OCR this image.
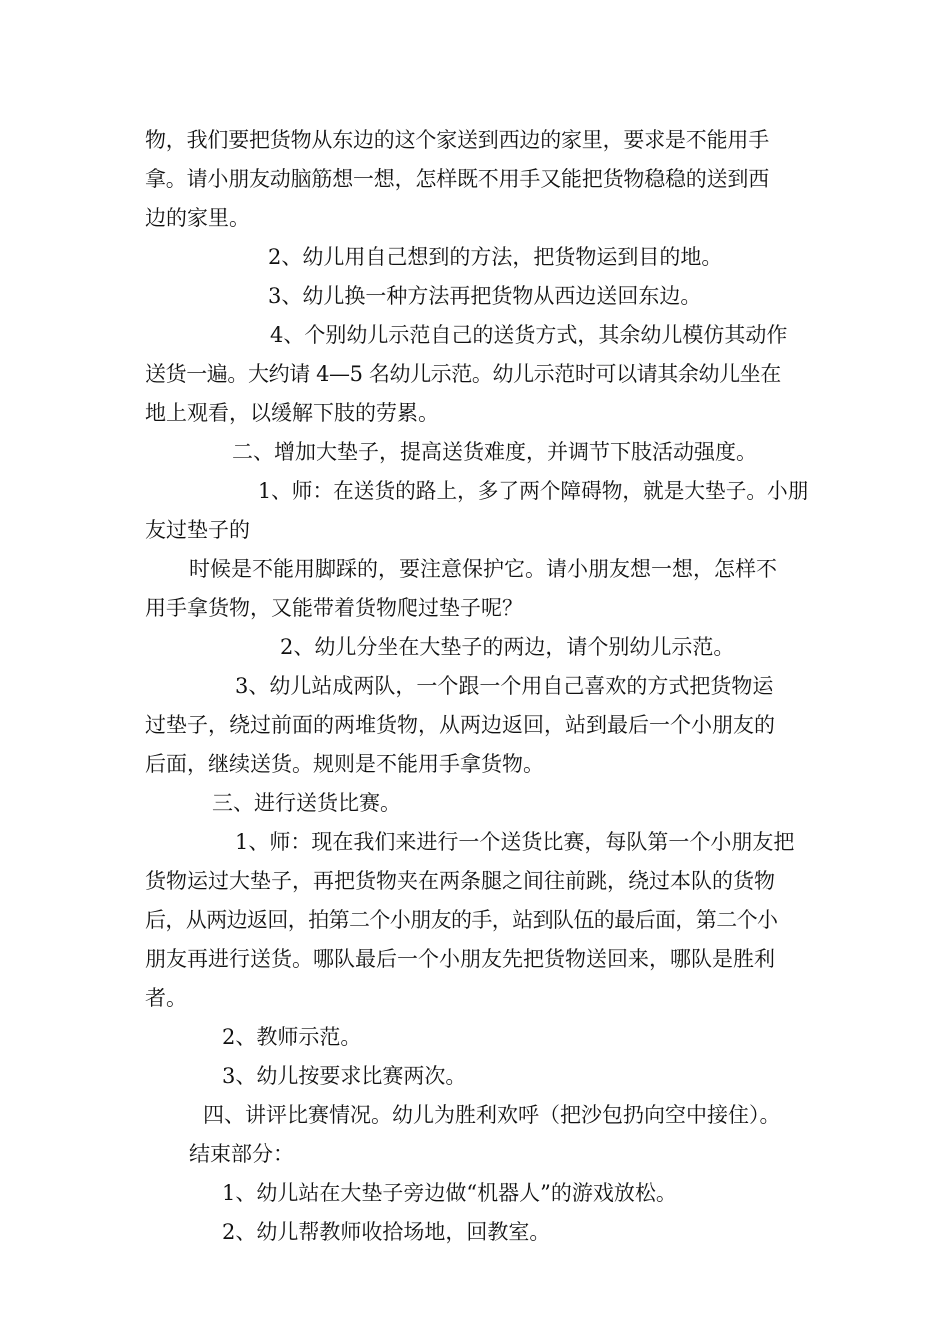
物，我们要把货物从东边的这个家送到西边的家里，要求是不能用手
拿。请小朋友动脑筋想一想，怎样既不用手又能把货物稳稳的送到西
边的家里。
2、幼儿用自己想到的方法，把货物运到目的地。
3、幼儿换一种方法再把货物从西边送回东边。
4、个别幼儿示范自己的送货方式，其余幼儿模仿其动作
送货一遍。大约请 4—5 名幼儿示范。幼儿示范时可以请其余幼儿坐在
地上观看，以缓解下肢的劳累。
二、增加大垫子，提高送货难度，并调节下肢活动强度。
1、师：在送货的路上，多了两个障碍物，就是大垫子。小朋
友过垫子的
时候是不能用脚踩的，要注意保护它。请小朋友想一想，怎样不
用手拿货物，又能带着货物爬过垫子呢？
2、幼儿分坐在大垫子的两边，请个别幼儿示范。
3、幼儿站成两队，一个跟一个用自己喜欢的方式把货物运
过垫子，绕过前面的两堆货物，从两边返回，站到最后一个小朋友的
后面，继续送货。规则是不能用手拿货物。
三、进行送货比赛。
1、师：现在我们来进行一个送货比赛，每队第一个小朋友把
货物运过大垫子，再把货物夹在两条腿之间往前跳，绕过本队的货物
后，从两边返回，拍第二个小朋友的手，站到队伍的最后面，第二个小
朋友再进行送货。哪队最后一个小朋友先把货物送回来，哪队是胜利
者。
2、教师示范。
3、幼儿按要求比赛两次。
四、讲评比赛情况。幼儿为胜利欢呼（把沙包扔向空中接住）。
结束部分：
1、幼儿站在大垫子旁边做“机器人”的游戏放松。
2、幼儿帮教师收拾场地，回教室。
